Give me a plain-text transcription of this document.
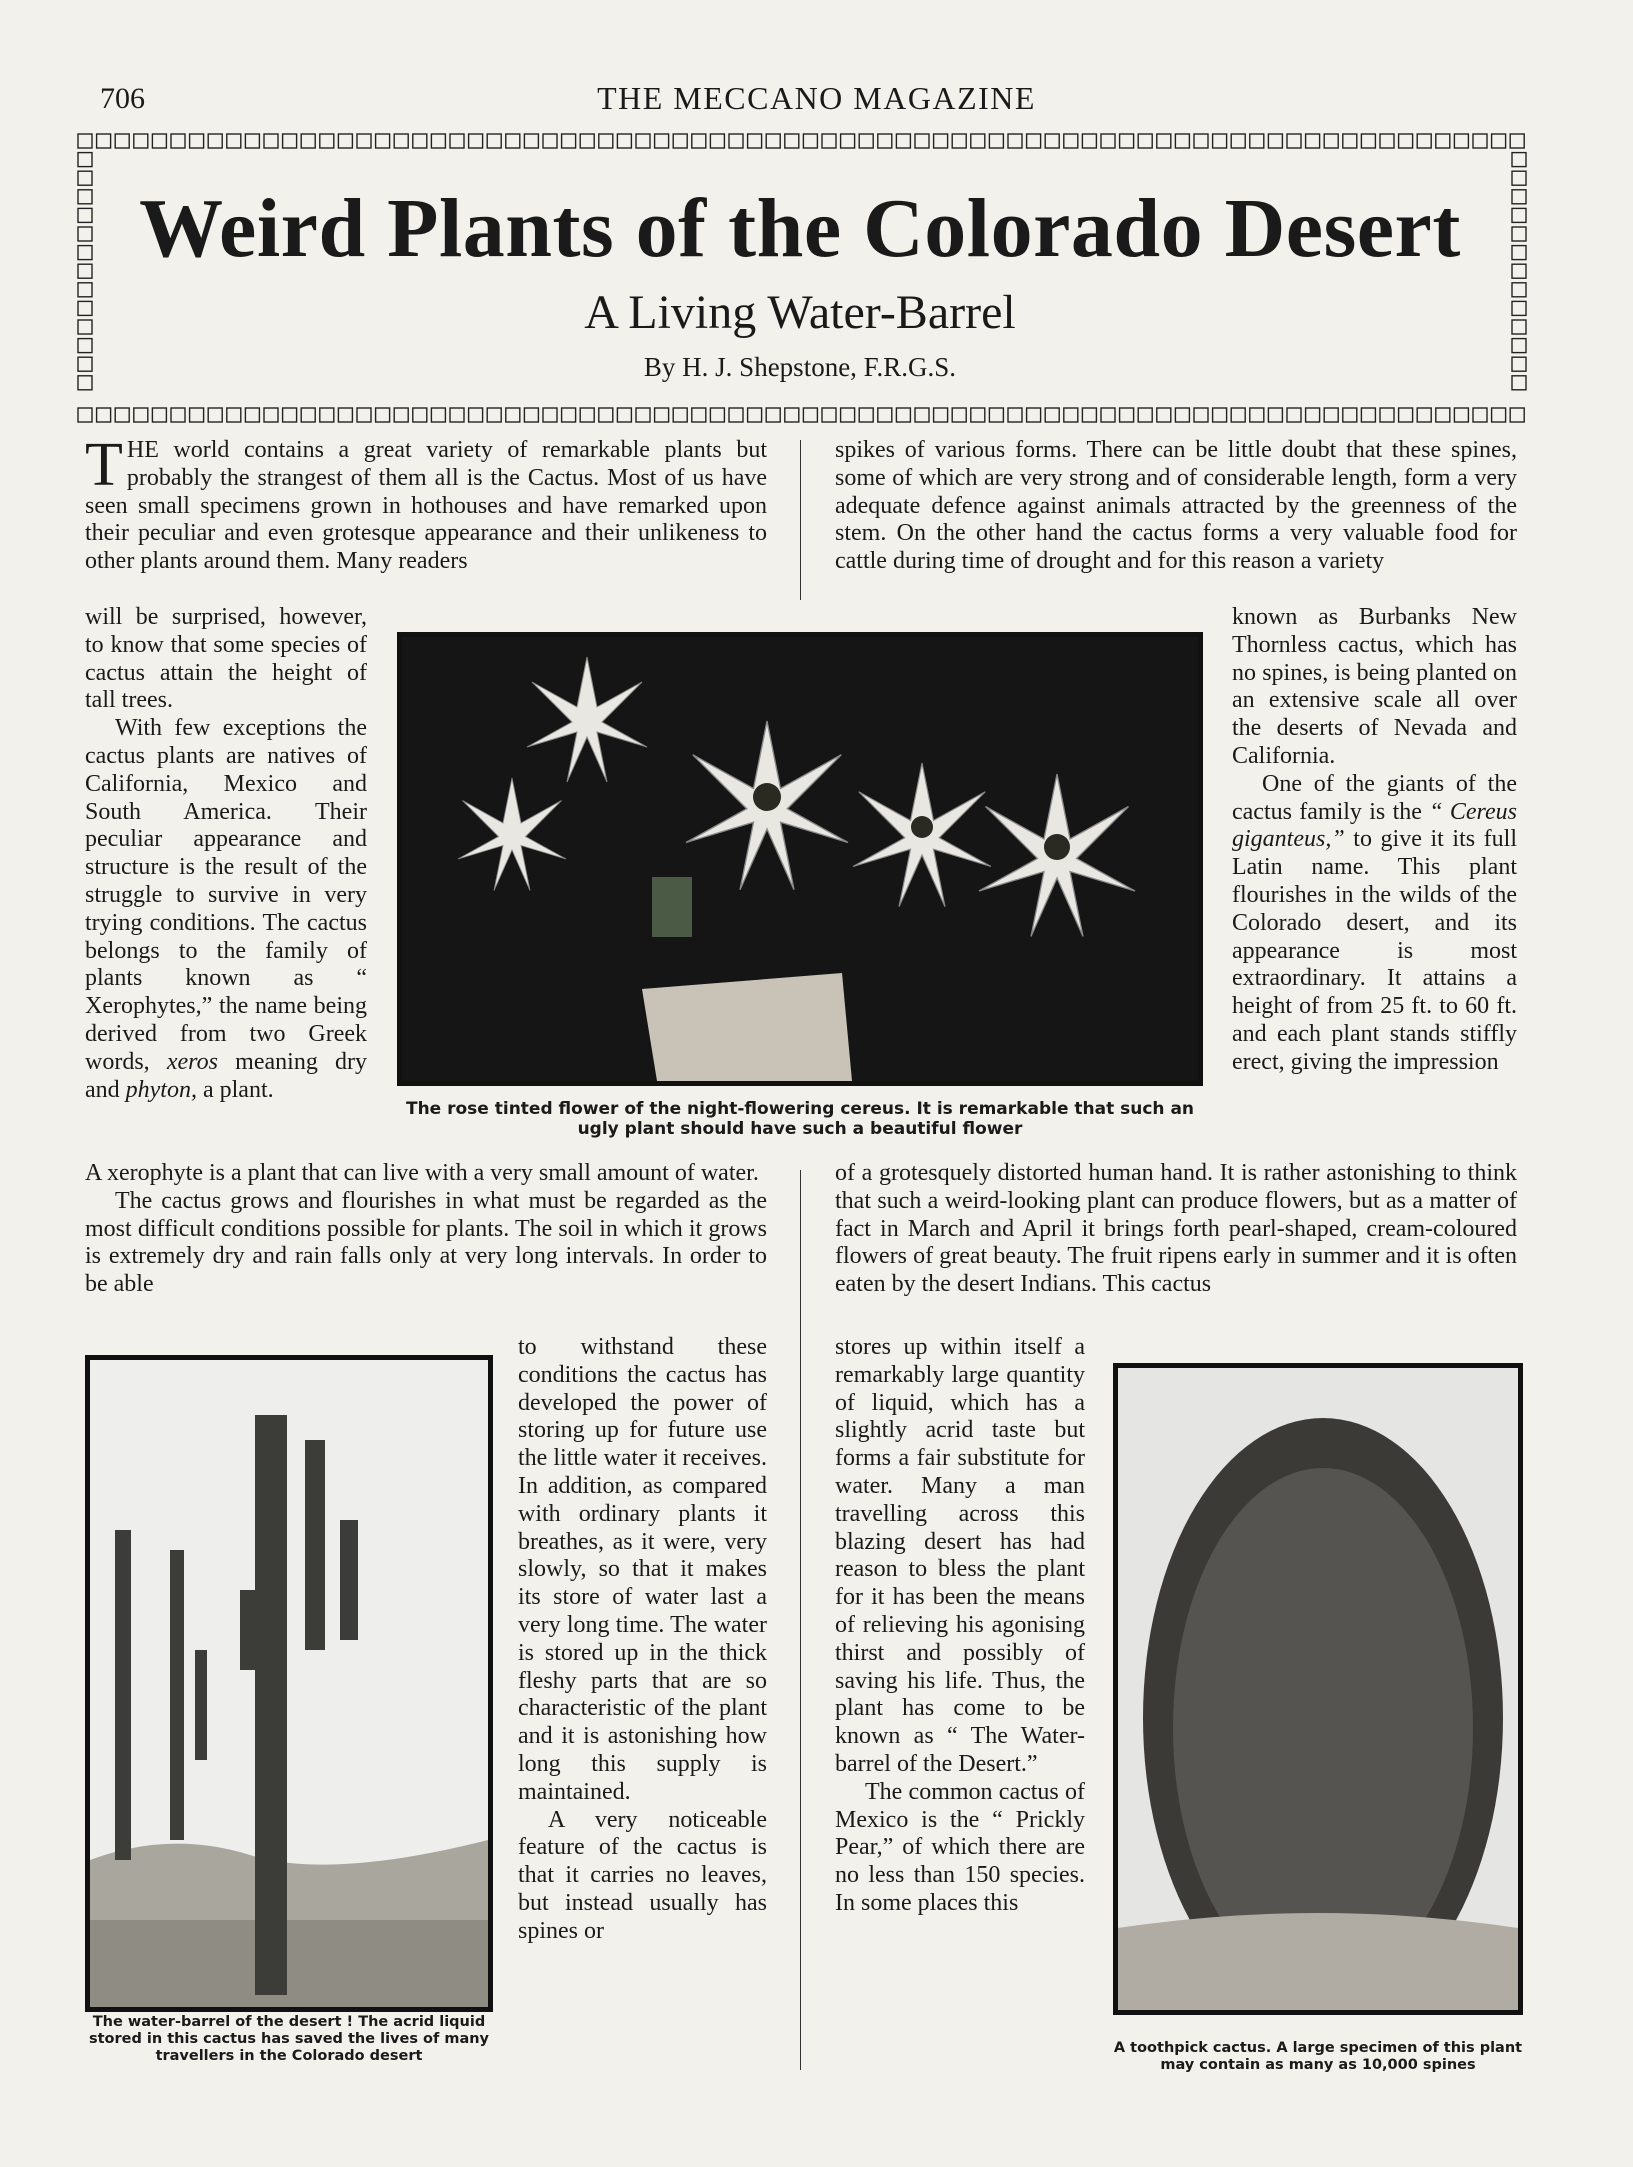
706	THE MECCANO MAGAZINE
Weird Plants of the Colorado Desert
A Living Water-Barrel
By H. J. Shepstone, F.R.G.S.

THE world contains a great variety of remarkable plants but probably the strangest of them all is the Cactus. Most of us have seen small specimens grown in hothouses and have remarked upon their peculiar and even grotesque appearance and their unlikeness to other plants around them. Many readers

will be surprised, however, to know that some species of cactus attain the height of tall trees.

With few exceptions the cactus plants are natives of California, Mexico and South America. Their peculiar appearance and structure is the result of the struggle to survive in very trying conditions. The cactus belongs to the family of plants known as “ Xerophytes,” the name being derived from two Greek words, xeros meaning dry and phyton, a plant.

A xerophyte is a plant that can live with a very small amount of water.

The cactus grows and flourishes in what must be regarded as the most difficult conditions possible for plants. The soil in which it grows is extremely dry and rain falls only at very long intervals. In order to be able

to withstand these conditions the cactus has developed the power of storing up for future use the little water it receives. In addition, as compared with ordinary plants it breathes, as it were, very slowly, so that it makes its store of water last a very long time. The water is stored up in the thick fleshy parts that are so characteristic of the plant and it is astonishing how long this supply is maintained.

A very noticeable feature of the cactus is that it carries no leaves, but instead usually has spines or

spikes of various forms. There can be little doubt that these spines, some of which are very strong and of considerable length, form a very adequate defence against animals attracted by the greenness of the stem. On the other hand the cactus forms a very valuable food for cattle during time of drought and for this reason a variety

known as Burbanks New Thornless cactus, which has no spines, is being planted on an extensive scale all over the deserts of Nevada and California.

One of the giants of the cactus family is the “ Cereus giganteus,” to give it its full Latin name. This plant flourishes in the wilds of the Colorado desert, and its appearance is most extraordinary. It attains a height of from 25 ft. to 60 ft. and each plant stands stiffly erect, giving the impression

of a grotesquely distorted human hand. It is rather astonishing to think that such a weird-looking plant can produce flowers, but as a matter of fact in March and April it brings forth pearl-shaped, cream-coloured flowers of great beauty. The fruit ripens early in summer and it is often eaten by the desert Indians. This cactus

stores up within itself a remarkably large quantity of liquid, which has a slightly acrid taste but forms a fair substitute for water. Many a man travelling across this blazing desert has had reason to bless the plant for it has been the means of relieving his agonising thirst and possibly of saving his life. Thus, the plant has come to be known as “ The Water-barrel of the Desert.”

The common cactus of Mexico is the “ Prickly Pear,” of which there are no less than 150 species. In some places this

The rose tinted flower of the night-flowering cereus. It is remarkable that such an ugly plant should have such a beautiful flower
The water-barrel of the desert ! The acrid liquid stored in this cactus has saved the lives of many travellers in the Colorado desert	A toothpick cactus. A large specimen of this plant may contain as many as 10,000 spines
